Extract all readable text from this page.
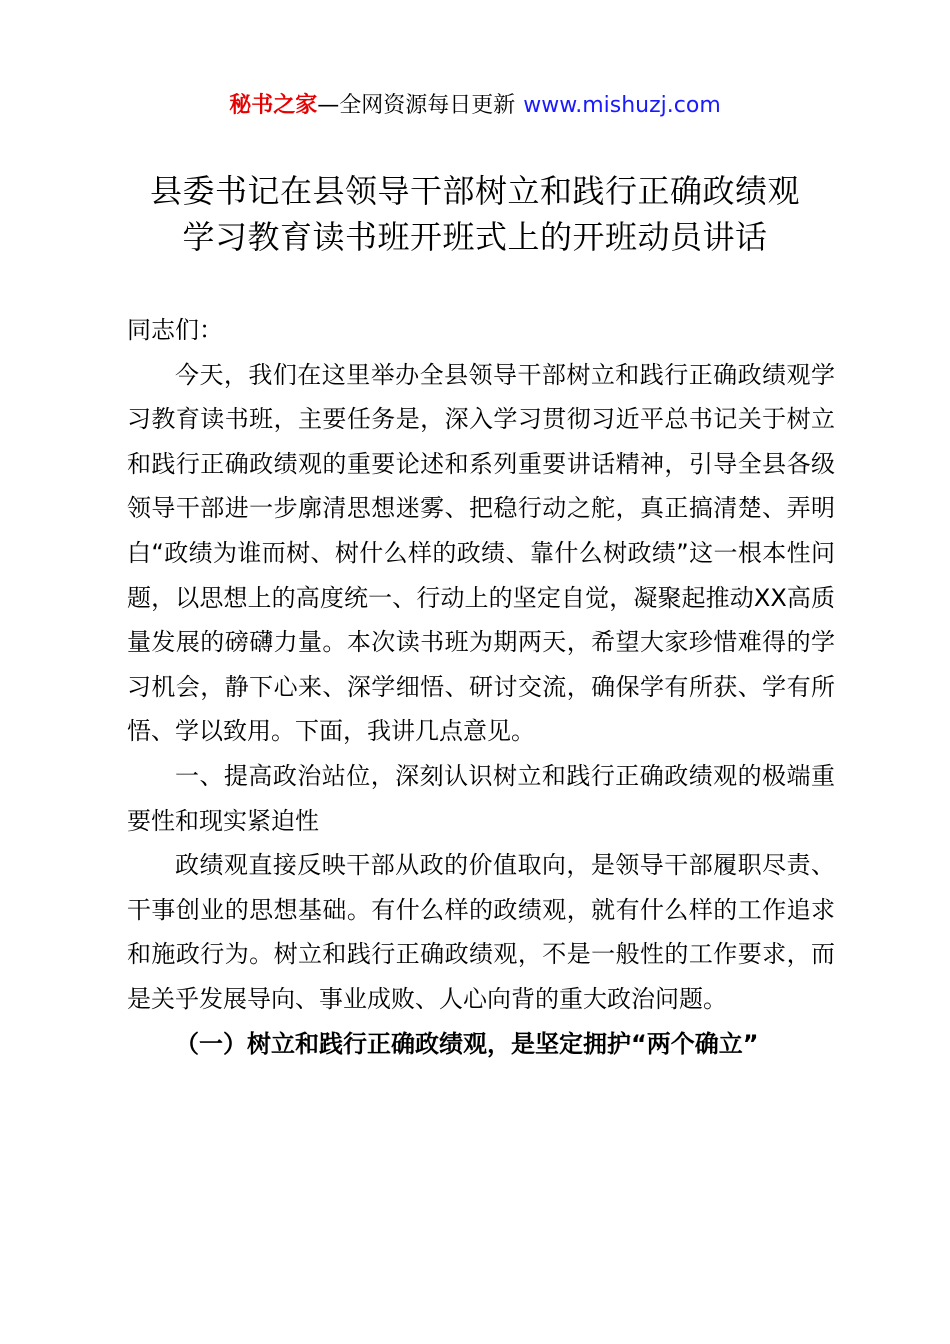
秘书之家—全网资源每日更新 www.mishuzj.com
县委书记在县领导干部树立和践行正确政绩观
学习教育读书班开班式上的开班动员讲话

同志们：

今天，我们在这里举办全县领导干部树立和践行正确政绩观学习教育读书班，主要任务是，深入学习贯彻习近平总书记关于树立和践行正确政绩观的重要论述和系列重要讲话精神，引导全县各级领导干部进一步廓清思想迷雾、把稳行动之舵，真正搞清楚、弄明白“政绩为谁而树、树什么样的政绩、靠什么树政绩”这一根本性问题，以思想上的高度统一、行动上的坚定自觉，凝聚起推动XX高质量发展的磅礴力量。本次读书班为期两天，希望大家珍惜难得的学习机会，静下心来、深学细悟、研讨交流，确保学有所获、学有所悟、学以致用。下面，我讲几点意见。

一、提高政治站位，深刻认识树立和践行正确政绩观的极端重要性和现实紧迫性

政绩观直接反映干部从政的价值取向，是领导干部履职尽责、干事创业的思想基础。有什么样的政绩观，就有什么样的工作追求和施政行为。树立和践行正确政绩观，不是一般性的工作要求，而是关乎发展导向、事业成败、人心向背的重大政治问题。

（一）树立和践行正确政绩观，是坚定拥护“两个确立”
